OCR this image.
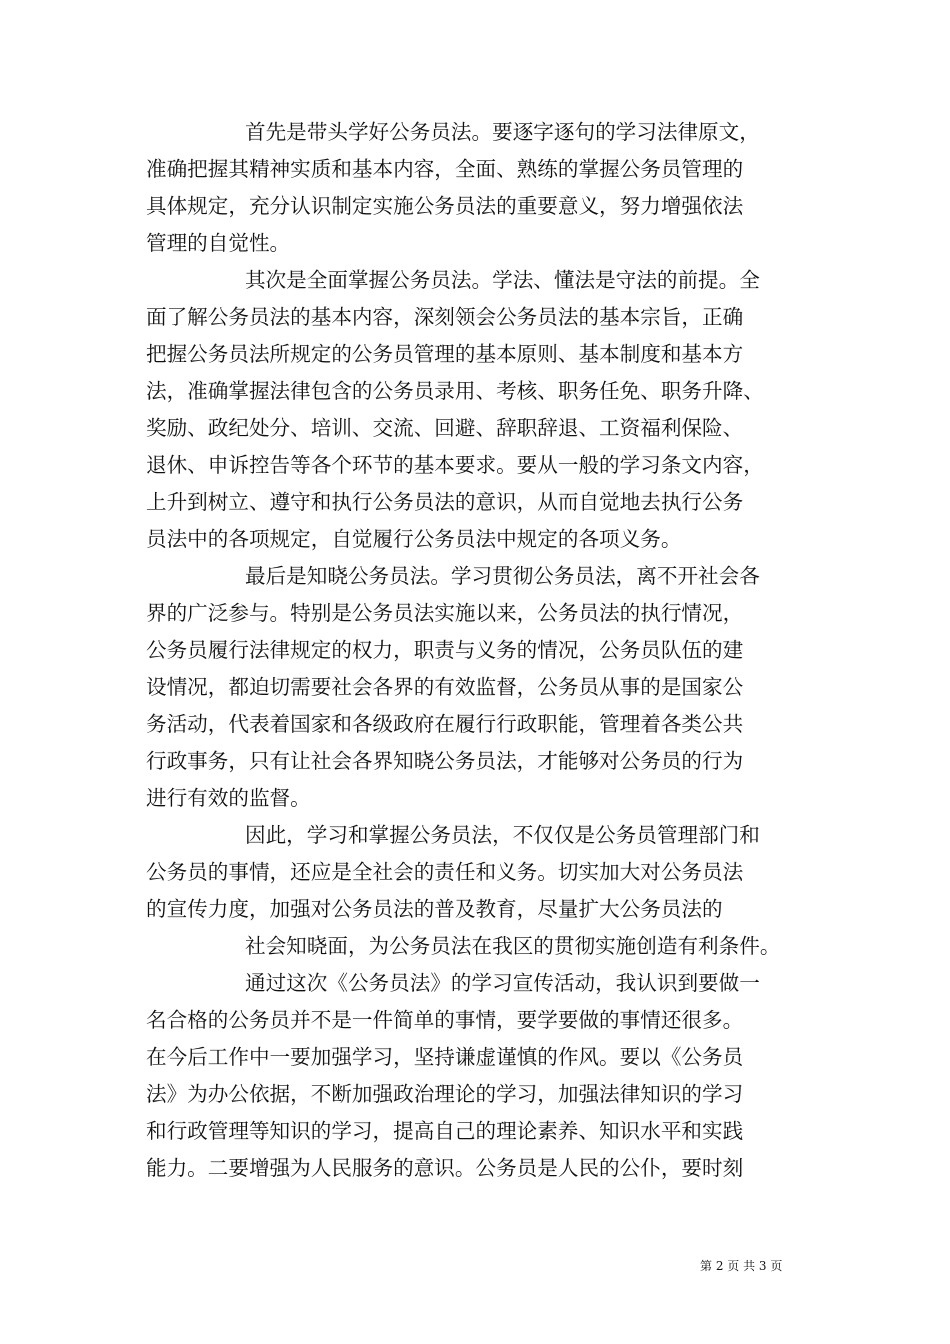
首先是带头学好公务员法。要逐字逐句的学习法律原文，
准确把握其精神实质和基本内容，全面、熟练的掌握公务员管理的
具体规定，充分认识制定实施公务员法的重要意义，努力增强依法
管理的自觉性。
其次是全面掌握公务员法。学法、懂法是守法的前提。全
面了解公务员法的基本内容，深刻领会公务员法的基本宗旨，正确
把握公务员法所规定的公务员管理的基本原则、基本制度和基本方
法，准确掌握法律包含的公务员录用、考核、职务任免、职务升降、
奖励、政纪处分、培训、交流、回避、辞职辞退、工资福利保险、
退休、申诉控告等各个环节的基本要求。要从一般的学习条文内容，
上升到树立、遵守和执行公务员法的意识，从而自觉地去执行公务
员法中的各项规定，自觉履行公务员法中规定的各项义务。
最后是知晓公务员法。学习贯彻公务员法，离不开社会各
界的广泛参与。特别是公务员法实施以来，公务员法的执行情况，
公务员履行法律规定的权力，职责与义务的情况，公务员队伍的建
设情况，都迫切需要社会各界的有效监督，公务员从事的是国家公
务活动，代表着国家和各级政府在履行行政职能，管理着各类公共
行政事务，只有让社会各界知晓公务员法，才能够对公务员的行为
进行有效的监督。
因此，学习和掌握公务员法，不仅仅是公务员管理部门和
公务员的事情，还应是全社会的责任和义务。切实加大对公务员法
的宣传力度，加强对公务员法的普及教育，尽量扩大公务员法的
社会知晓面，为公务员法在我区的贯彻实施创造有利条件。
通过这次《公务员法》的学习宣传活动，我认识到要做一
名合格的公务员并不是一件简单的事情，要学要做的事情还很多。
在今后工作中一要加强学习，坚持谦虚谨慎的作风。要以《公务员
法》为办公依据，不断加强政治理论的学习，加强法律知识的学习
和行政管理等知识的学习，提高自己的理论素养、知识水平和实践
能力。二要增强为人民服务的意识。公务员是人民的公仆，要时刻
第 2 页 共 3 页
